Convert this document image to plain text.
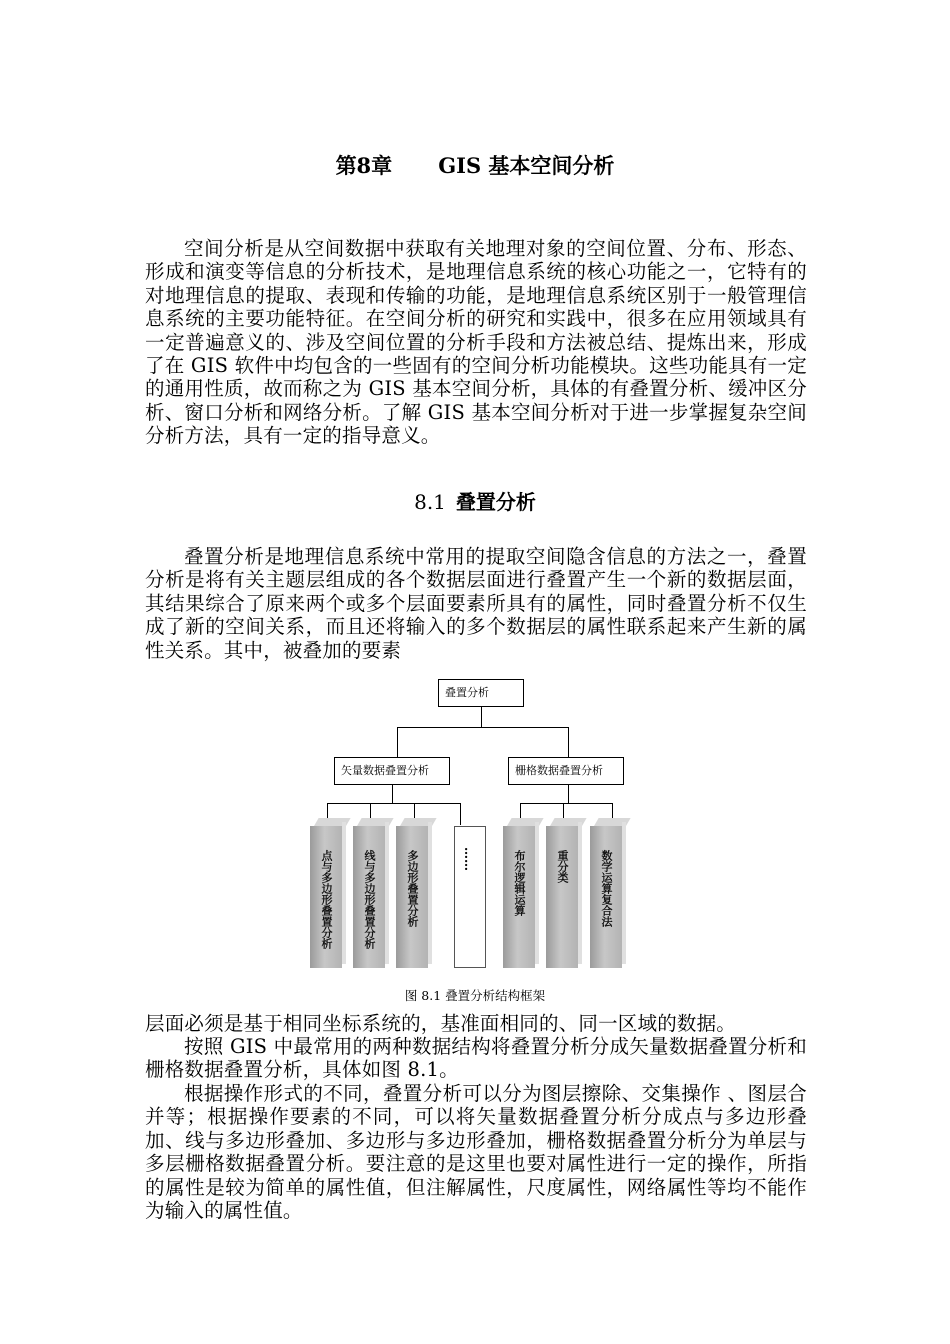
第8章 GIS 基本空间分析

空间分析是从空间数据中获取有关地理对象的空间位置、分布、形态、形成和演变等信息的分析技术，是地理信息系统的核心功能之一，它特有的对地理信息的提取、表现和传输的功能，是地理信息系统区别于一般管理信息系统的主要功能特征。在空间分析的研究和实践中，很多在应用领域具有一定普遍意义的、涉及空间位置的分析手段和方法被总结、提炼出来，形成了在 GIS 软件中均包含的一些固有的空间分析功能模块。这些功能具有一定的通用性质，故而称之为 GIS 基本空间分析，具体的有叠置分析、缓冲区分析、窗口分析和网络分析。了解 GIS 基本空间分析对于进一步掌握复杂空间分析方法，具有一定的指导意义。

8.1 叠置分析

叠置分析是地理信息系统中常用的提取空间隐含信息的方法之一，叠置分析是将有关主题层组成的各个数据层面进行叠置产生一个新的数据层面，其结果综合了原来两个或多个层面要素所具有的属性，同时叠置分析不仅生成了新的空间关系，而且还将输入的多个数据层的属性联系起来产生新的属性关系。其中，被叠加的要素

叠置分析
矢量数据叠置分析	栅格数据叠置分析
点与多边形叠置分析	线与多边形叠置分析	多边形叠置分析	……	布尔逻辑运算	重分类	数学运算复合法
图 8.1 叠置分析结构框架

层面必须是基于相同坐标系统的，基准面相同的、同一区域的数据。

按照 GIS 中最常用的两种数据结构将叠置分析分成矢量数据叠置分析和栅格数据叠置分析，具体如图 8.1。

根据操作形式的不同，叠置分析可以分为图层擦除、交集操作 、图层合并等；根据操作要素的不同，可以将矢量数据叠置分析分成点与多边形叠加、线与多边形叠加、多边形与多边形叠加，栅格数据叠置分析分为单层与多层栅格数据叠置分析。要注意的是这里也要对属性进行一定的操作，所指的属性是较为简单的属性值，但注解属性，尺度属性，网络属性等均不能作为输入的属性值。
